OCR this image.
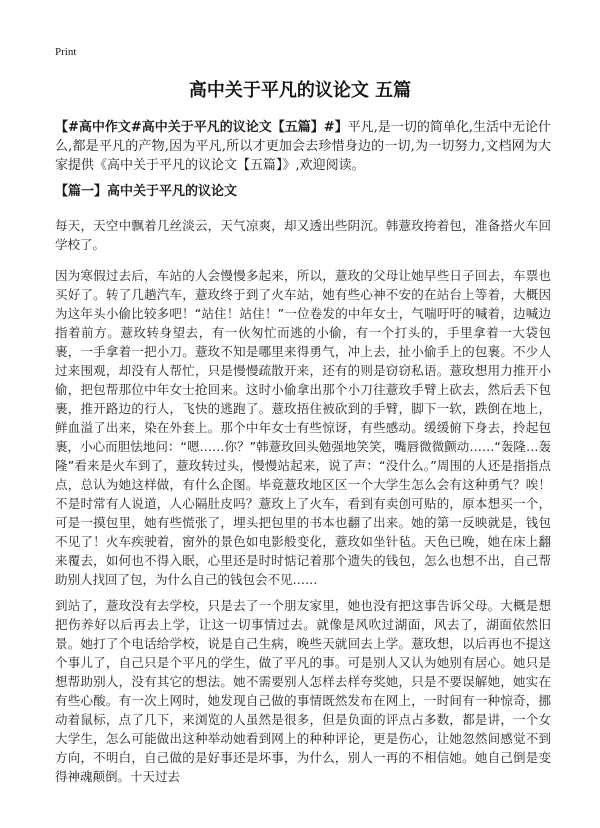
Print
高中关于平凡的议论文 五篇
【#高中作文#高中关于平凡的议论文【五篇】#】平凡,是一切的简单化,生活中无论什么,都是平凡的产物,因为平凡,所以才更加会去珍惜身边的一切,为一切努力,文档网为大家提供《高中关于平凡的议论文【五篇】》,欢迎阅读。
【篇一】高中关于平凡的议论文
每天，天空中飘着几丝淡云，天气凉爽，却又透出些阴沉。韩薏玫挎着包，准备搭火车回学校了。
因为寒假过去后，车站的人会慢慢多起来，所以，薏玫的父母让她早些日子回去，车票也买好了。转了几趟汽车，薏玫终于到了火车站，她有些心神不安的在站台上等着，大概因为这年头小偷比较多吧！“站住！站住！”一位卷发的中年女士，气喘吁吁的喊着，边喊边指着前方。薏玫转身望去，有一伙匆忙而逃的小偷，有一个打头的，手里拿着一大袋包裹，一手拿着一把小刀。薏玫不知是哪里来得勇气，冲上去，扯小偷手上的包裹。不少人过来围观，却没有人帮忙，只是慢慢疏散开来，还有的则是窃窃私语。薏玫想用力推开小偷，把包帮那位中年女士抢回来。这时小偷拿出那个小刀往薏玫手臂上砍去，然后丢下包裹，推开路边的行人，飞快的逃跑了。薏玫捂住被砍到的手臂，脚下一软，跌倒在地上，鲜血溢了出来，染在外套上。那个中年女士有些惊讶，有些感动。缓缓俯下身去，拎起包裹，小心而胆怯地问：“嗯……你？”韩薏玫回头勉强地笑笑，嘴唇微微颤动……“轰隆…轰隆”看来是火车到了，薏玫转过头，慢慢站起来，说了声：“没什么。”周围的人还是指指点点，总认为她这样做，有什么企图。毕竟薏玫地区区一个大学生怎么会有这种勇气？唉！不是时常有人说道，人心隔肚皮吗？薏玫上了火车，看到有卖创可贴的，原本想买一个，可是一摸包里，她有些慌张了，埋头把包里的书本也翻了出来。她的第一反映就是，钱包不见了！火车疾驶着，窗外的景色如电影般变化，薏玫如坐针毡。天色已晚，她在床上翻来覆去，如何也不得入眠，心里还是时时惦记着那个遗失的钱包，怎么也想不出，自己帮助别人找回了包，为什么自己的钱包会不见……
到站了，薏玫没有去学校，只是去了一个朋友家里，她也没有把这事告诉父母。大概是想把伤养好以后再去上学，让这一切事情过去。就像是风吹过湖面，风去了，湖面依然旧景。她打了个电话给学校，说是自己生病，晚些天就回去上学。薏玫想，以后再也不提这个事儿了，自己只是个平凡的学生，做了平凡的事。可是别人又认为她别有居心。她只是想帮助别人，没有其它的想法。她不需要别人怎样去样夸奖她，只是不要误解她，她实在有些心酸。有一次上网时，她发现自己做的事情既然发布在网上，一时间有一种惊奇，挪动着鼠标，点了几下，来浏览的人虽然是很多，但是负面的评点占多数，都是讲，一个女大学生，怎么可能做出这种举动她看到网上的种种评论，更是伤心，让她忽然间感觉不到方向，不明白，自己做的是好事还是坏事，为什么，别人一再的不相信她。她自己倒是变得神魂颠倒。十天过去
